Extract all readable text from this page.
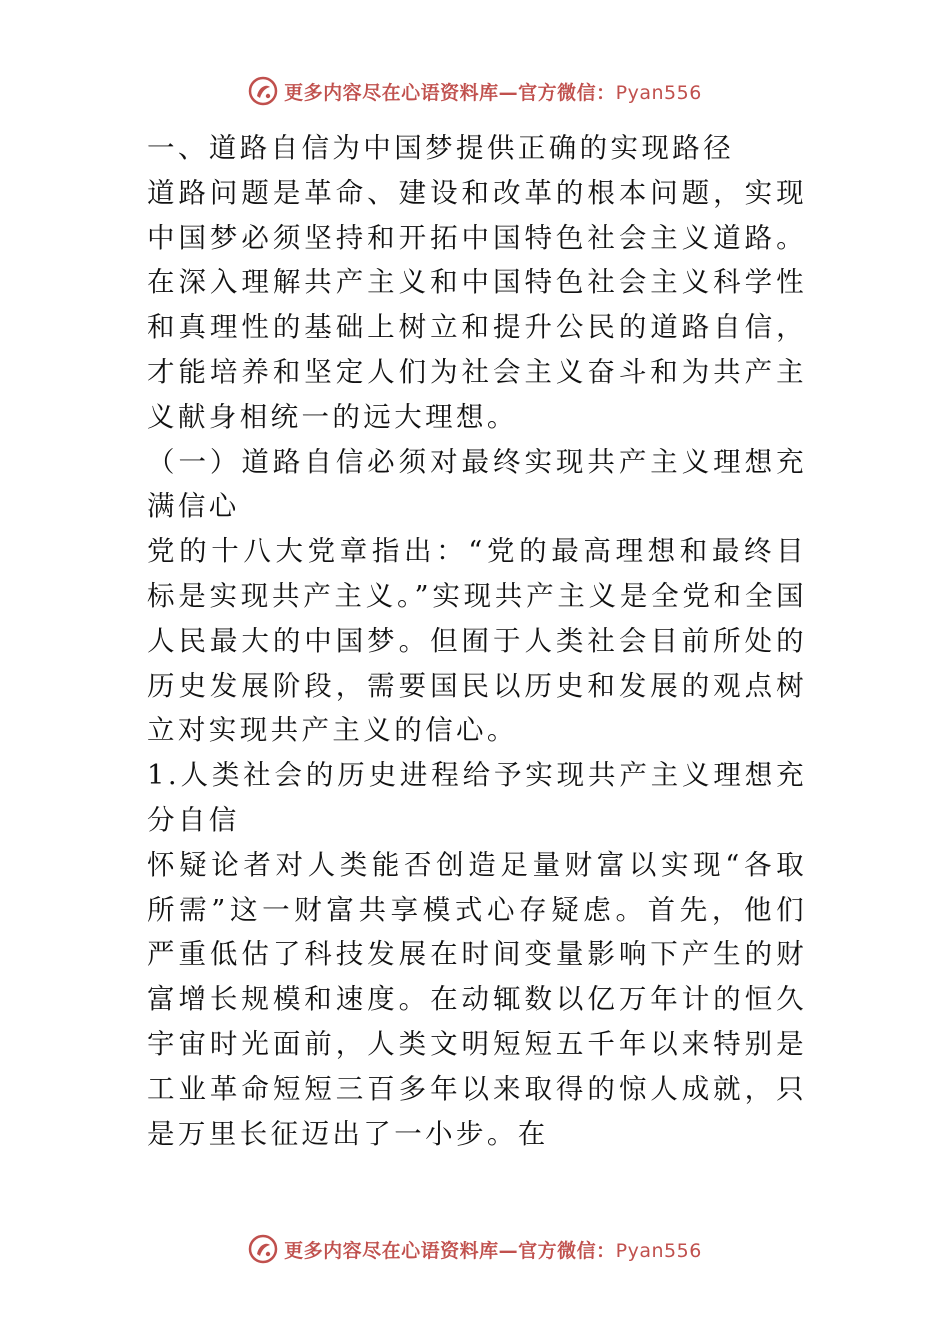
更多内容尽在心语资料库—官方微信：Pyan556

一、道路自信为中国梦提供正确的实现路径

道路问题是革命、建设和改革的根本问题，实现中国梦必须坚持和开拓中国特色社会主义道路。在深入理解共产主义和中国特色社会主义科学性和真理性的基础上树立和提升公民的道路自信，才能培养和坚定人们为社会主义奋斗和为共产主义献身相统一的远大理想。

（一）道路自信必须对最终实现共产主义理想充满信心

党的十八大党章指出：“党的最高理想和最终目标是实现共产主义。”实现共产主义是全党和全国人民最大的中国梦。但囿于人类社会目前所处的历史发展阶段，需要国民以历史和发展的观点树立对实现共产主义的信心。

1.人类社会的历史进程给予实现共产主义理想充分自信

怀疑论者对人类能否创造足量财富以实现“各取所需”这一财富共享模式心存疑虑。首先，他们严重低估了科技发展在时间变量影响下产生的财富增长规模和速度。在动辄数以亿万年计的恒久宇宙时光面前，人类文明短短五千年以来特别是工业革命短短三百多年以来取得的惊人成就，只是万里长征迈出了一小步。在

更多内容尽在心语资料库—官方微信：Pyan556
